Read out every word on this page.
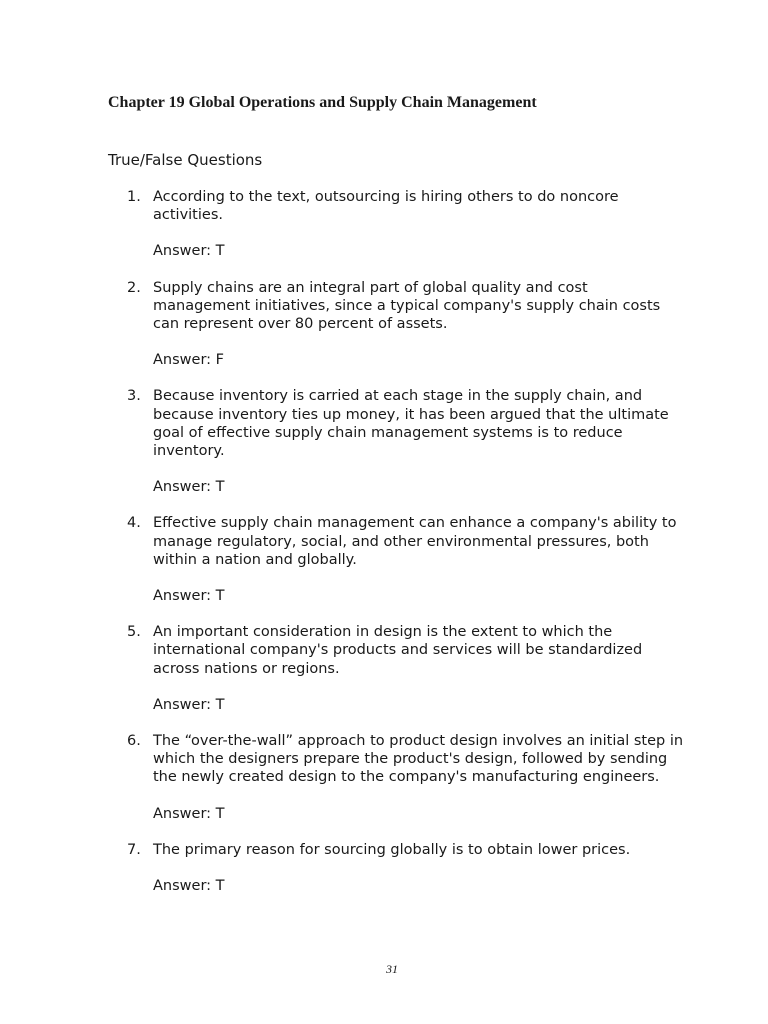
Chapter 19 Global Operations and Supply Chain Management
True/False Questions
1. According to the text, outsourcing is hiring others to do noncore activities.
Answer: T
2. Supply chains are an integral part of global quality and cost management initiatives, since a typical company's supply chain costs can represent over 80 percent of assets.
Answer: F
3. Because inventory is carried at each stage in the supply chain, and because inventory ties up money, it has been argued that the ultimate goal of effective supply chain management systems is to reduce inventory.
Answer: T
4. Effective supply chain management can enhance a company's ability to manage regulatory, social, and other environmental pressures, both within a nation and globally.
Answer: T
5. An important consideration in design is the extent to which the international company's products and services will be standardized across nations or regions.
Answer: T
6. The “over-the-wall” approach to product design involves an initial step in which the designers prepare the product's design, followed by sending the newly created design to the company's manufacturing engineers.
Answer: T
7. The primary reason for sourcing globally is to obtain lower prices.
Answer: T
31
